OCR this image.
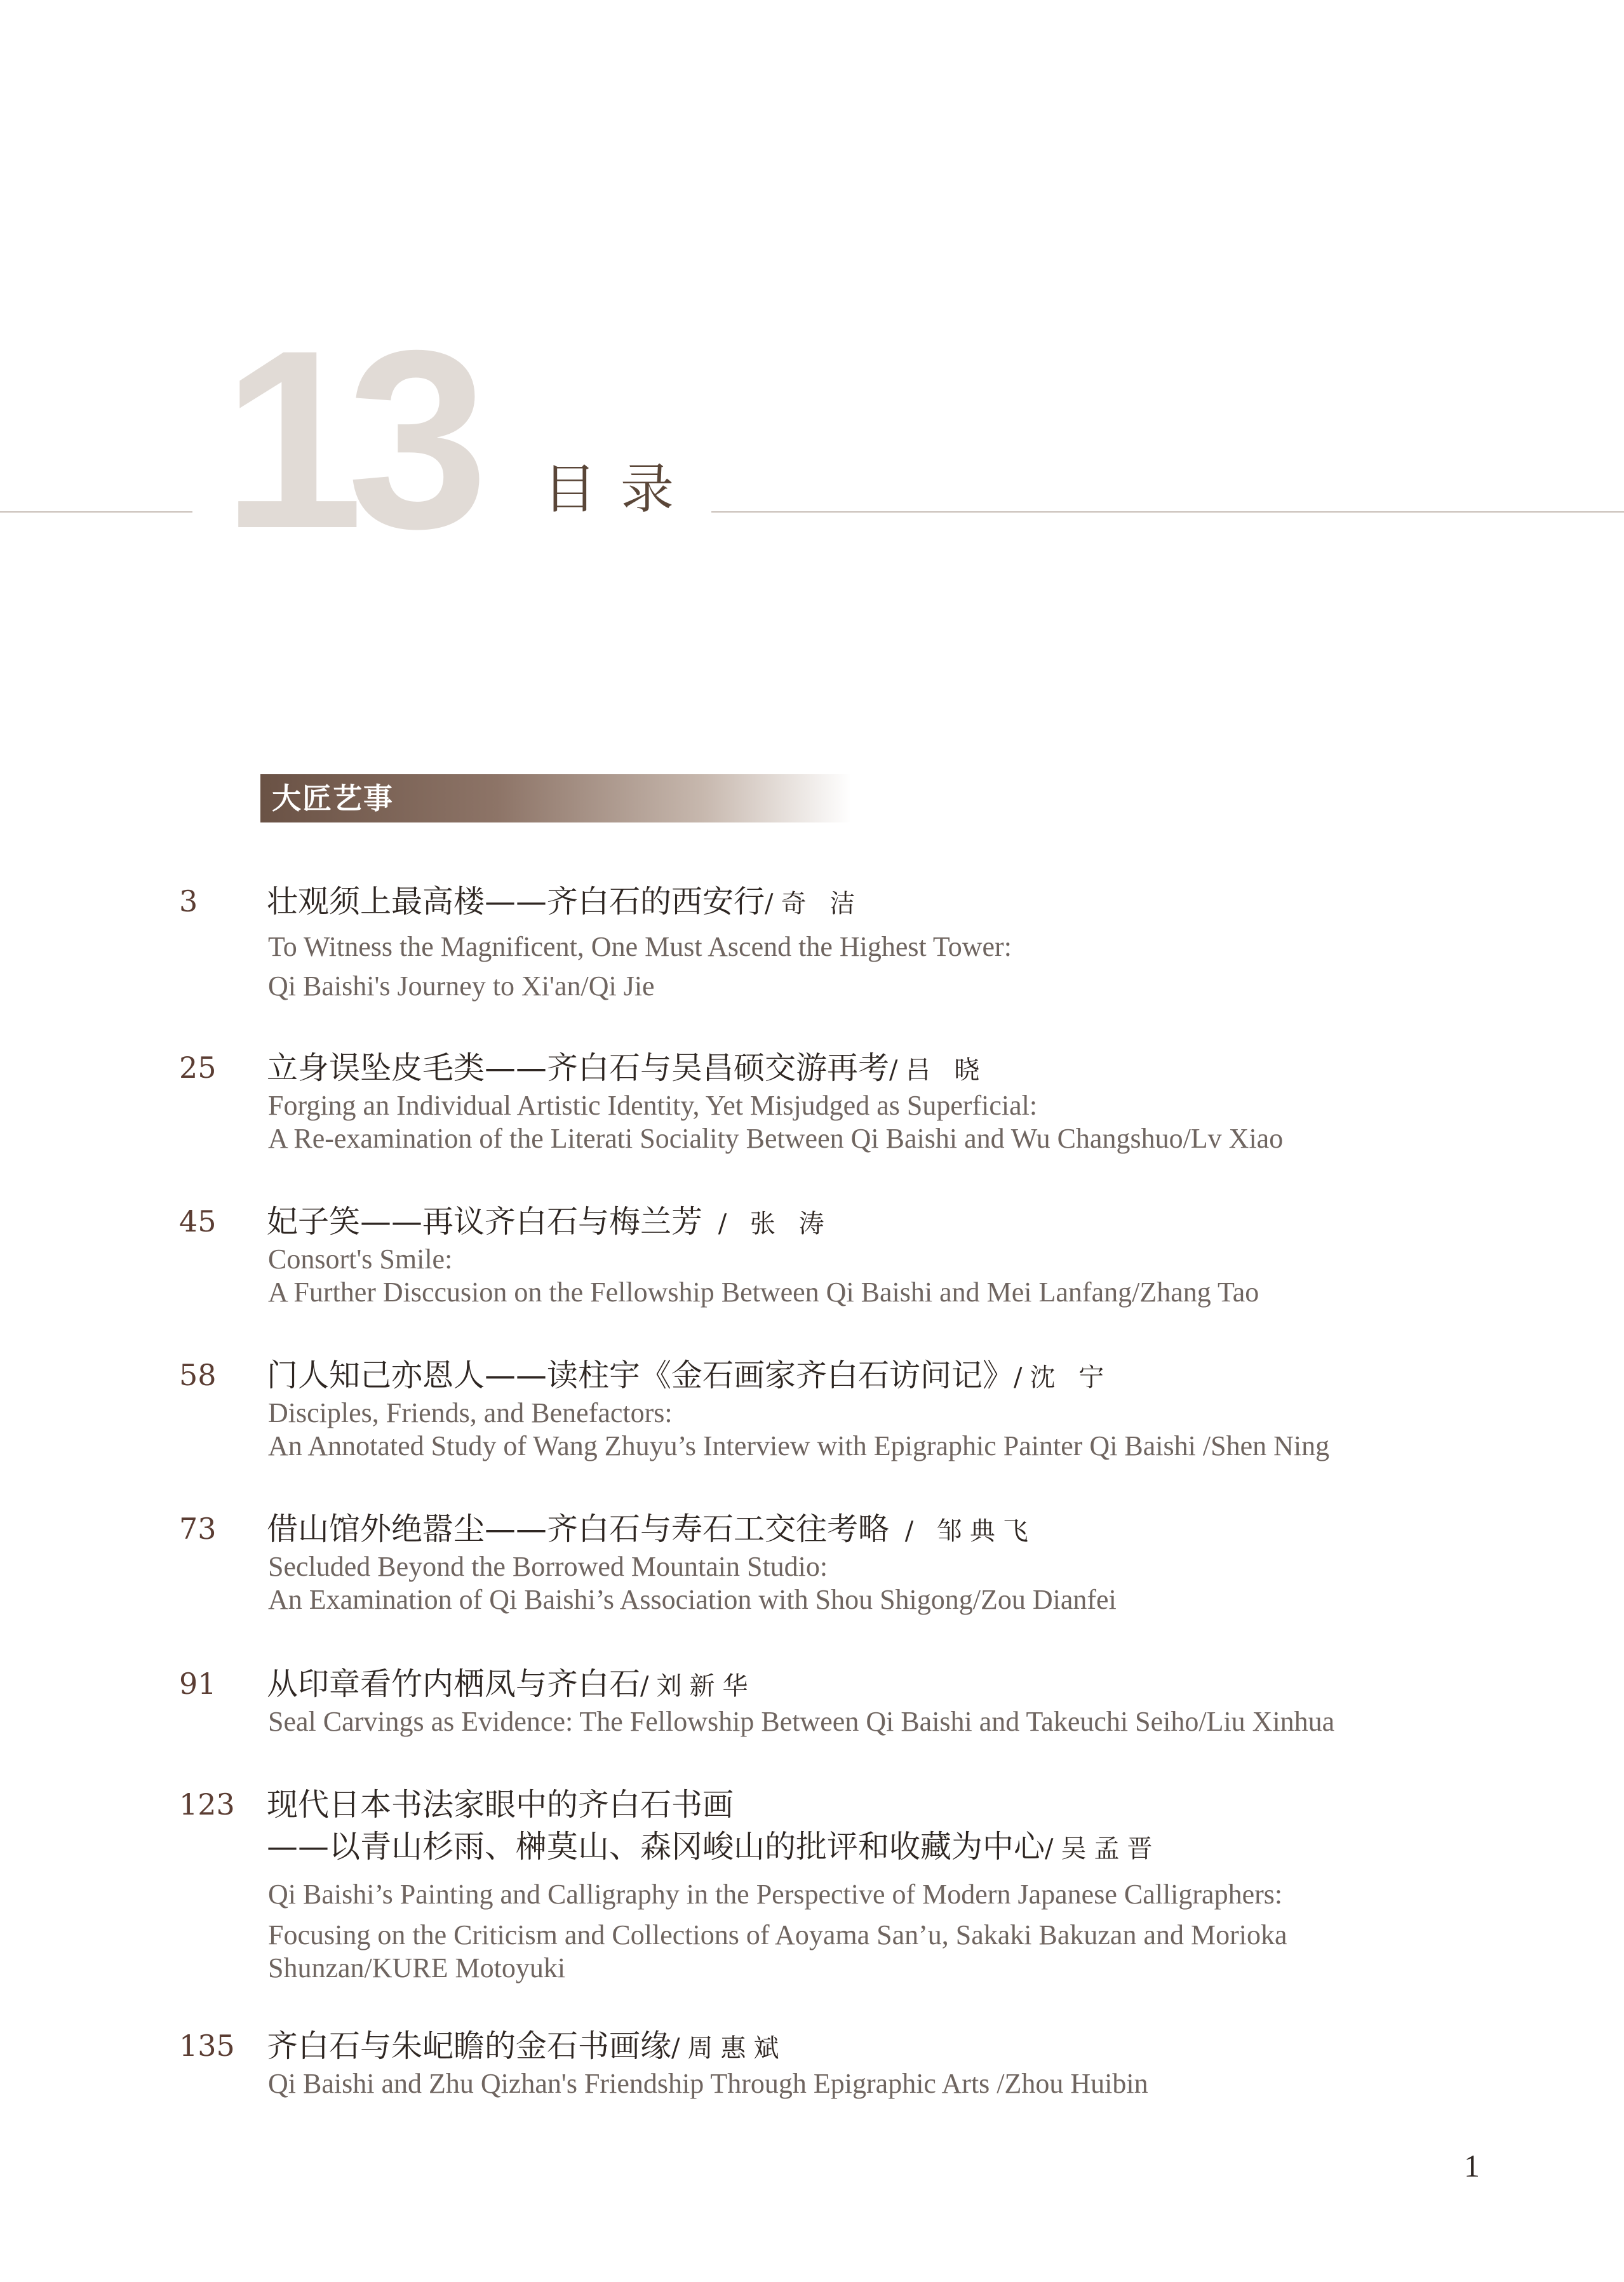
13 目录
大匠艺事
3 壮观须上最高楼——齐白石的西安行/奇 洁
To Witness the Magnificent, One Must Ascend the Highest Tower:
Qi Baishi's Journey to Xi'an/Qi Jie
25 立身误坠皮毛类——齐白石与吴昌硕交游再考/吕 晓
Forging an Individual Artistic Identity, Yet Misjudged as Superficial:
A Re-examination of the Literati Sociality Between Qi Baishi and Wu Changshuo/Lv Xiao
45 妃子笑——再议齐白石与梅兰芳 / 张 涛
Consort's Smile:
A Further Disccusion on the Fellowship Between Qi Baishi and Mei Lanfang/Zhang Tao
58 门人知己亦恩人——读柱宇《金石画家齐白石访问记》/沈 宁
Disciples, Friends, and Benefactors:
An Annotated Study of Wang Zhuyu’s Interview with Epigraphic Painter Qi Baishi /Shen Ning
73 借山馆外绝嚣尘——齐白石与寿石工交往考略 / 邹典飞
Secluded Beyond the Borrowed Mountain Studio:
An Examination of Qi Baishi’s Association with Shou Shigong/Zou Dianfei
91 从印章看竹内栖凤与齐白石/刘新华
Seal Carvings as Evidence: The Fellowship Between Qi Baishi and Takeuchi Seiho/Liu Xinhua
123 现代日本书法家眼中的齐白石书画
——以青山杉雨、榊莫山、森冈峻山的批评和收藏为中心/吴孟晋
Qi Baishi’s Painting and Calligraphy in the Perspective of Modern Japanese Calligraphers:
Focusing on the Criticism and Collections of Aoyama San’u, Sakaki Bakuzan and Morioka
Shunzan/KURE Motoyuki
135 齐白石与朱屺瞻的金石书画缘/周惠斌
Qi Baishi and Zhu Qizhan's Friendship Through Epigraphic Arts /Zhou Huibin
1
